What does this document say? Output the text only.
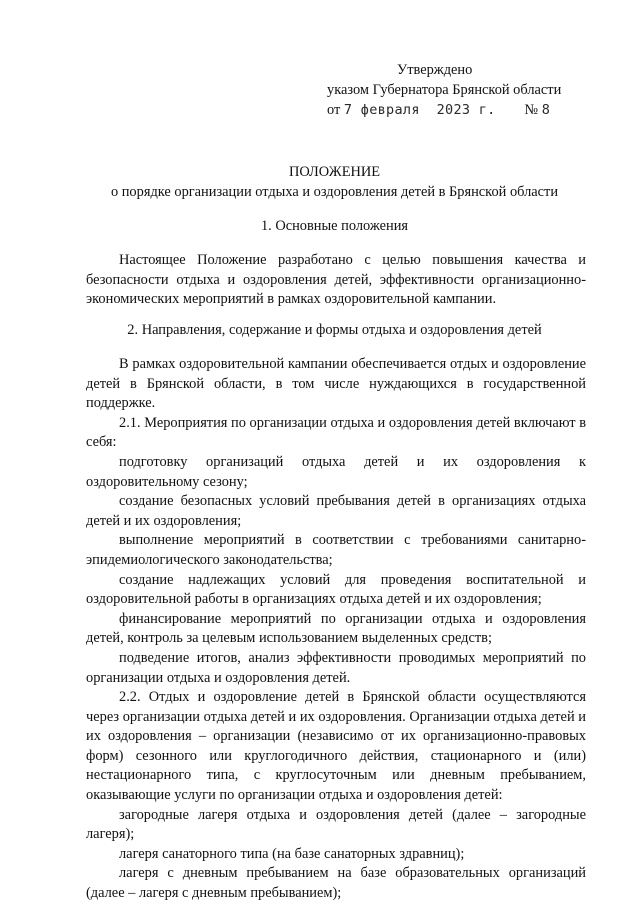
Утверждено
указом Губернатора Брянской области
от 7 февраля  2023 г. № 8
ПОЛОЖЕНИЕ
о порядке организации отдыха и оздоровления детей в Брянской области
1. Основные положения

Настоящее Положение разработано с целью повышения качества и безопасности отдыха и оздоровления детей, эффективности организационно-экономических мероприятий в рамках оздоровительной кампании.

2. Направления, содержание и формы отдыха и оздоровления детей

В рамках оздоровительной кампании обеспечивается отдых и оздоровление детей в Брянской области, в том числе нуждающихся в государственной поддержке.

2.1. Мероприятия по организации отдыха и оздоровления детей включают в себя:

подготовку организаций отдыха детей и их оздоровления к оздоровительному сезону;

создание безопасных условий пребывания детей в организациях отдыха детей и их оздоровления;

выполнение мероприятий в соответствии с требованиями санитарно-эпидемиологического законодательства;

создание надлежащих условий для проведения воспитательной и оздоровительной работы в организациях отдыха детей и их оздоровления;

финансирование мероприятий по организации отдыха и оздоровления детей, контроль за целевым использованием выделенных средств;

подведение итогов, анализ эффективности проводимых мероприятий по организации отдыха и оздоровления детей.

2.2. Отдых и оздоровление детей в Брянской области осуществляются через организации отдыха детей и их оздоровления. Организации отдыха детей и их оздоровления – организации (независимо от их организационно-правовых форм) сезонного или круглогодичного действия, стационарного и (или) нестационарного типа, с круглосуточным или дневным пребыванием, оказывающие услуги по организации отдыха и оздоровления детей:

загородные лагеря отдыха и оздоровления детей (далее – загородные лагеря);

лагеря санаторного типа (на базе санаторных здравниц);

лагеря с дневным пребыванием на базе образовательных организаций (далее – лагеря с дневным пребыванием);
